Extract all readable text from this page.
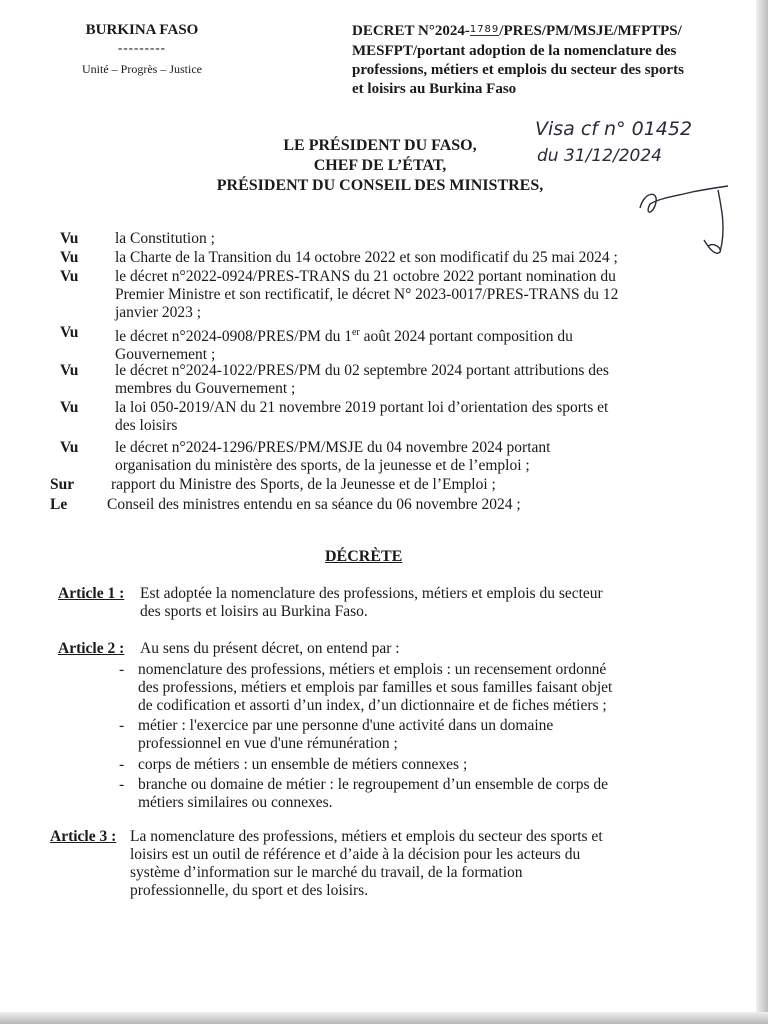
BURKINA FASO
---------
Unité – Progrès – Justice
DECRET N°2024-$^{1789}$/PRES/PM/MSJE/MFPTPS/
MESFPT/portant adoption de la nomenclature des
professions, métiers et emplois du secteur des sports
et loisirs au Burkina Faso
LE PRÉSIDENT DU FASO,
CHEF DE L’ÉTAT,
PRÉSIDENT DU CONSEIL DES MINISTRES,
Visa cf n° 01452
du 31/12/2024
Vu la Constitution ;
Vu la Charte de la Transition du 14 octobre 2022 et son modificatif du 25 mai 2024 ;
Vu le décret n°2022-0924/PRES-TRANS du 21 octobre 2022 portant nomination du
Premier Ministre et son rectificatif, le décret N° 2023-0017/PRES-TRANS du 12
janvier 2023 ;
Vu le décret n°2024-0908/PRES/PM du 1er août 2024 portant composition du
Gouvernement ;
Vu le décret n°2024-1022/PRES/PM du 02 septembre 2024 portant attributions des
membres du Gouvernement ;
Vu la loi 050-2019/AN du 21 novembre 2019 portant loi d’orientation des sports et
des loisirs
Vu le décret n°2024-1296/PRES/PM/MSJE du 04 novembre 2024 portant
organisation du ministère des sports, de la jeunesse et de l’emploi ;
Sur rapport du Ministre des Sports, de la Jeunesse et de l’Emploi ;
Le	Conseil des ministres entendu en sa séance du 06 novembre 2024 ;
DÉCRÈTE
Article 1 : Est adoptée la nomenclature des professions, métiers et emplois du secteur
des sports et loisirs au Burkina Faso.
Article 2 : Au sens du présent décret, on entend par :
- nomenclature des professions, métiers et emplois : un recensement ordonné
des professions, métiers et emplois par familles et sous familles faisant objet
de codification et assorti d’un index, d’un dictionnaire et de fiches métiers ;
- métier : l'exercice par une personne d'une activité dans un domaine
professionnel en vue d'une rémunération ;
- corps de métiers : un ensemble de métiers connexes ;
- branche ou domaine de métier : le regroupement d’un ensemble de corps de
métiers similaires ou connexes.
Article 3 : La nomenclature des professions, métiers et emplois du secteur des sports et
loisirs est un outil de référence et d’aide à la décision pour les acteurs du
système d’information sur le marché du travail, de la formation
professionnelle, du sport et des loisirs.
